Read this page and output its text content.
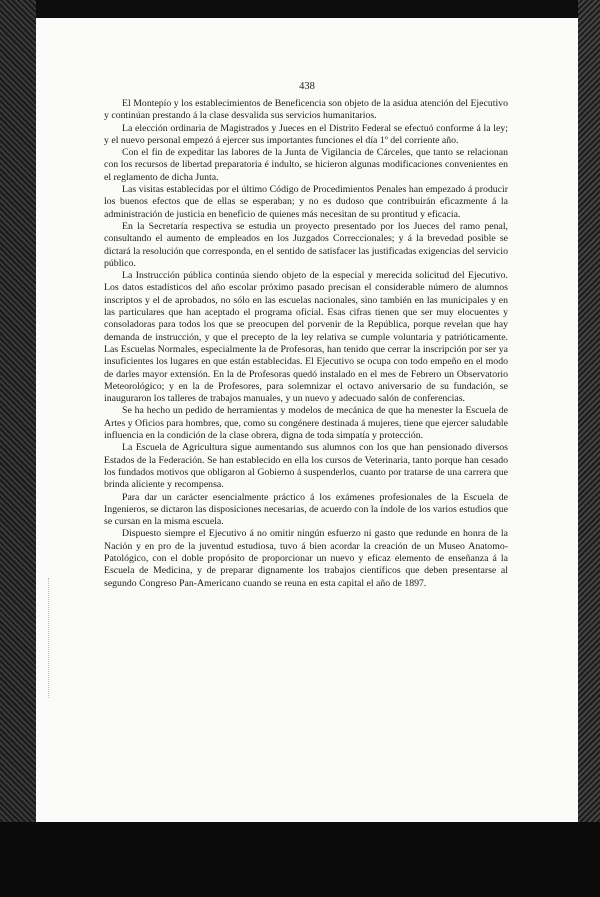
438

El Montepío y los establecimientos de Beneficencia son objeto de la asidua atención del Ejecutivo y continúan prestando á la clase desvalida sus servicios humanitarios.

La elección ordinaria de Magistrados y Jueces en el Distrito Federal se efectuó conforme á la ley; y el nuevo personal empezó á ejercer sus importantes funciones el día 1º del corriente año.

Con el fin de expeditar las labores de la Junta de Vigilancia de Cárceles, que tanto se relacionan con los recursos de libertad preparatoria é indulto, se hicieron algunas modificaciones convenientes en el reglamento de dicha Junta.

Las visitas establecidas por el último Código de Procedimientos Penales han empezado á producir los buenos efectos que de ellas se esperaban; y no es dudoso que contribuirán eficazmente á la administración de justicia en beneficio de quienes más necesitan de su prontitud y eficacia.

En la Secretaría respectiva se estudia un proyecto presentado por los Jueces del ramo penal, consultando el aumento de empleados en los Juzgados Correccionales; y á la brevedad posible se dictará la resolución que corresponda, en el sentido de satisfacer las justificadas exigencias del servicio público.

La Instrucción pública continúa siendo objeto de la especial y merecida solicitud del Ejecutivo. Los datos estadísticos del año escolar próximo pasado precisan el considerable número de alumnos inscriptos y el de aprobados, no sólo en las escuelas nacionales, sino también en las municipales y en las particulares que han aceptado el programa oficial. Esas cifras tienen que ser muy elocuentes y consoladoras para todos los que se preocupen del porvenir de la República, porque revelan que hay demanda de instrucción, y que el precepto de la ley relativa se cumple voluntaria y patrióticamente. Las Escuelas Normales, especialmente la de Profesoras, han tenido que cerrar la inscripción por ser ya insuficientes los lugares en que están establecidas. El Ejecutivo se ocupa con todo empeño en el modo de darles mayor extensión. En la de Profesoras quedó instalado en el mes de Febrero un Observatorio Meteorológico; y en la de Profesores, para solemnizar el octavo aniversario de su fundación, se inauguraron los talleres de trabajos manuales, y un nuevo y adecuado salón de conferencias.

Se ha hecho un pedido de herramientas y modelos de mecánica de que ha menester la Escuela de Artes y Oficios para hombres, que, como su congénere destinada á mujeres, tiene que ejercer saludable influencia en la condición de la clase obrera, digna de toda simpatía y protección.

La Escuela de Agricultura sigue aumentando sus alumnos con los que han pensionado diversos Estados de la Federación. Se han establecido en ella los cursos de Veterinaria, tanto porque han cesado los fundados motivos que obligaron al Gobierno á suspenderlos, cuanto por tratarse de una carrera que brinda aliciente y recompensa.

Para dar un carácter esencialmente práctico á los exámenes profesionales de la Escuela de Ingenieros, se dictaron las disposiciones necesarias, de acuerdo con la índole de los varios estudios que se cursan en la misma escuela.

Dispuesto siempre el Ejecutivo á no omitir ningún esfuerzo ni gasto que redunde en honra de la Nación y en pro de la juventud estudiosa, tuvo á bien acordar la creación de un Museo Anatomo-Patológico, con el doble propósito de proporcionar un nuevo y eficaz elemento de enseñanza á la Escuela de Medicina, y de preparar dignamente los trabajos científicos que deben presentarse al segundo Congreso Pan-Americano cuando se reuna en esta capital el año de 1897.
